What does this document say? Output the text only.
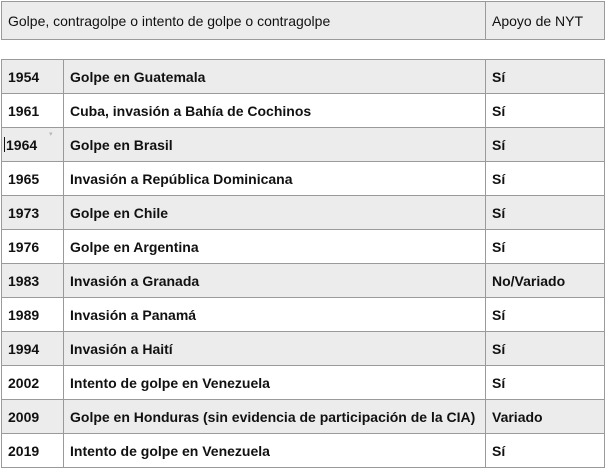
Golpe, contragolpe o intento de golpe o contragolpe	Apoyo de NYT
1954	Golpe en Guatemala	Sí
1961	Cuba, invasión a Bahía de Cochinos	Sí
1964	Golpe en Brasil	Sí
1965	Invasión a República Dominicana	Sí
1973	Golpe en Chile	Sí
1976	Golpe en Argentina	Sí
1983	Invasión a Granada	No/Variado
1989	Invasión a Panamá	Sí
1994	Invasión a Haití	Sí
2002	Intento de golpe en Venezuela	Sí
2009	Golpe en Honduras (sin evidencia de participación de la CIA)	Variado
2019	Intento de golpe en Venezuela	Sí
▾
